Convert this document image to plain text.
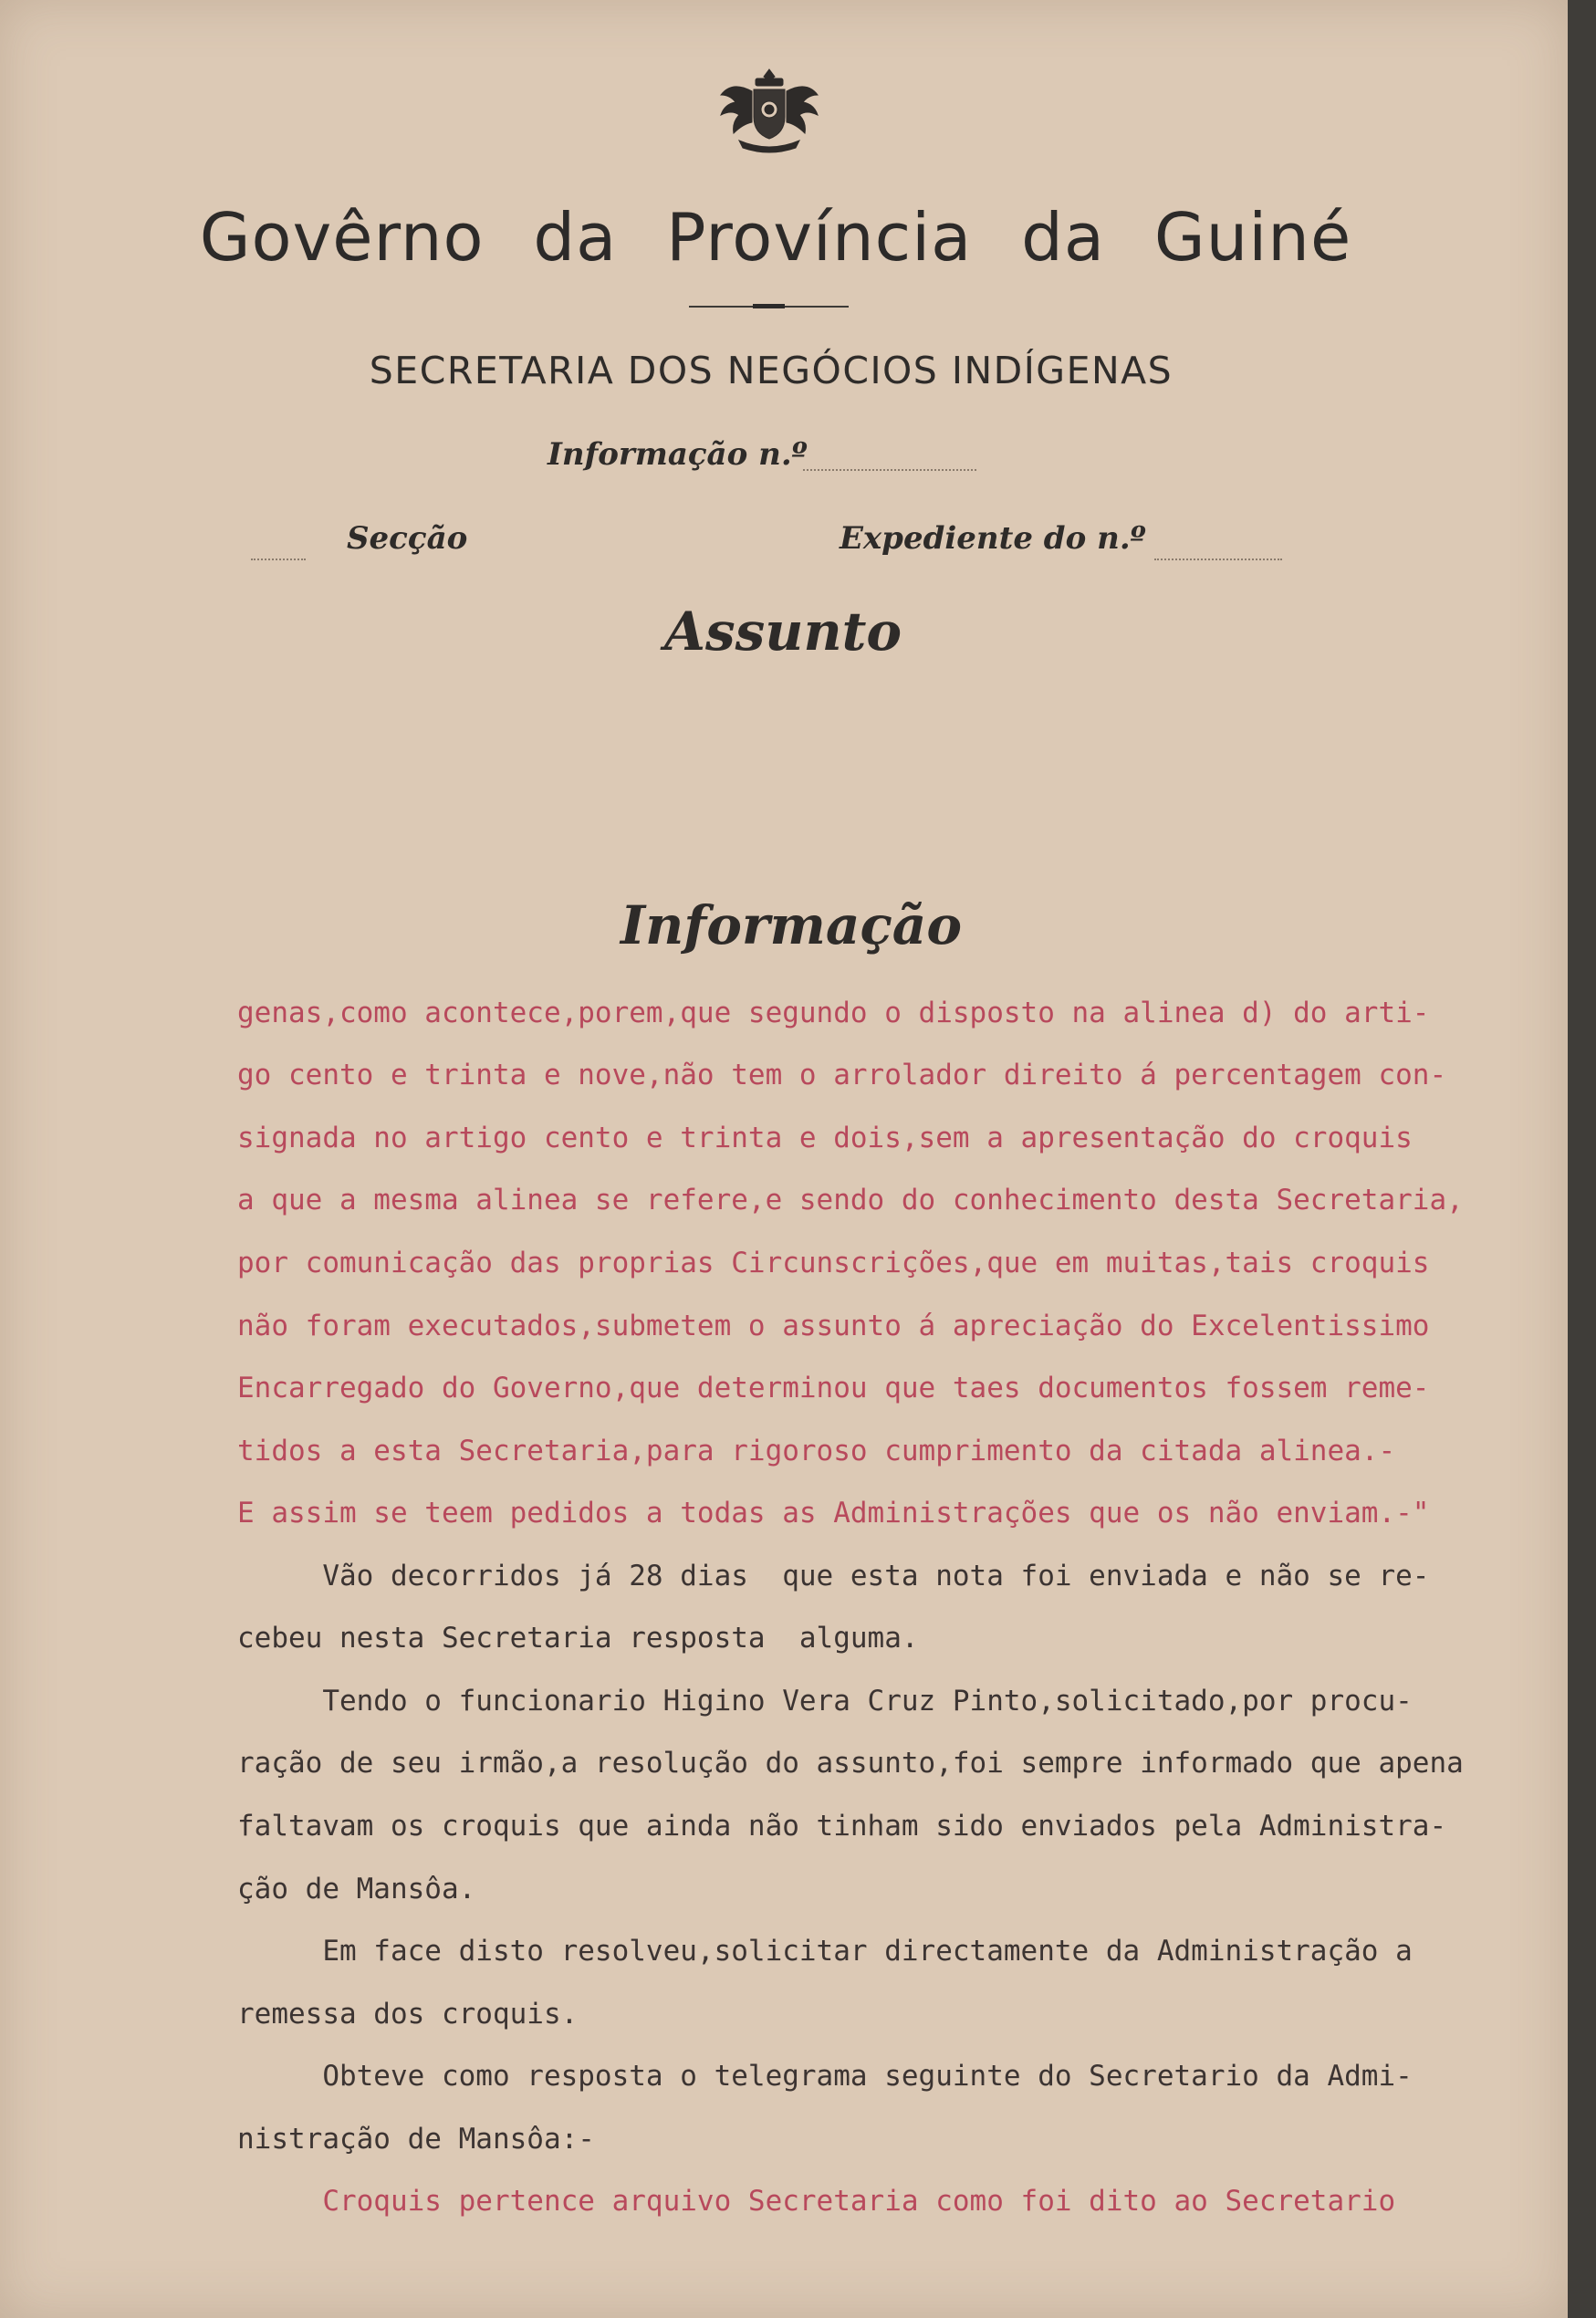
Govêrno da Província da Guiné
SECRETARIA DOS NEGÓCIOS INDÍGENAS
Informação n.º
Secção	Expediente do n.º
Assunto
Informação
genas,como acontece,porem,que segundo o disposto na alinea d) do arti-
go cento e trinta e nove,não tem o arrolador direito á percentagem con-
signada no artigo cento e trinta e dois,sem a apresentação do croquis
a que a mesma alinea se refere,e sendo do conhecimento desta Secretaria,
por comunicação das proprias Circunscrições,que em muitas,tais croquis
não foram executados,submetem o assunto á apreciação do Excelentissimo
Encarregado do Governo,que determinou que taes documentos fossem reme-
tidos a esta Secretaria,para rigoroso cumprimento da citada alinea.-
E assim se teem pedidos a todas as Administrações que os não enviam.-"
Vão decorridos já 28 dias  que esta nota foi enviada e não se re-
cebeu nesta Secretaria resposta  alguma.
Tendo o funcionario Higino Vera Cruz Pinto,solicitado,por procu-
ração de seu irmão,a resolução do assunto,foi sempre informado que apena
faltavam os croquis que ainda não tinham sido enviados pela Administra-
ção de Mansôa.
Em face disto resolveu,solicitar directamente da Administração a
remessa dos croquis.
Obteve como resposta o telegrama seguinte do Secretario da Admi-
nistração de Mansôa:-
Croquis pertence arquivo Secretaria como foi dito ao Secretario
